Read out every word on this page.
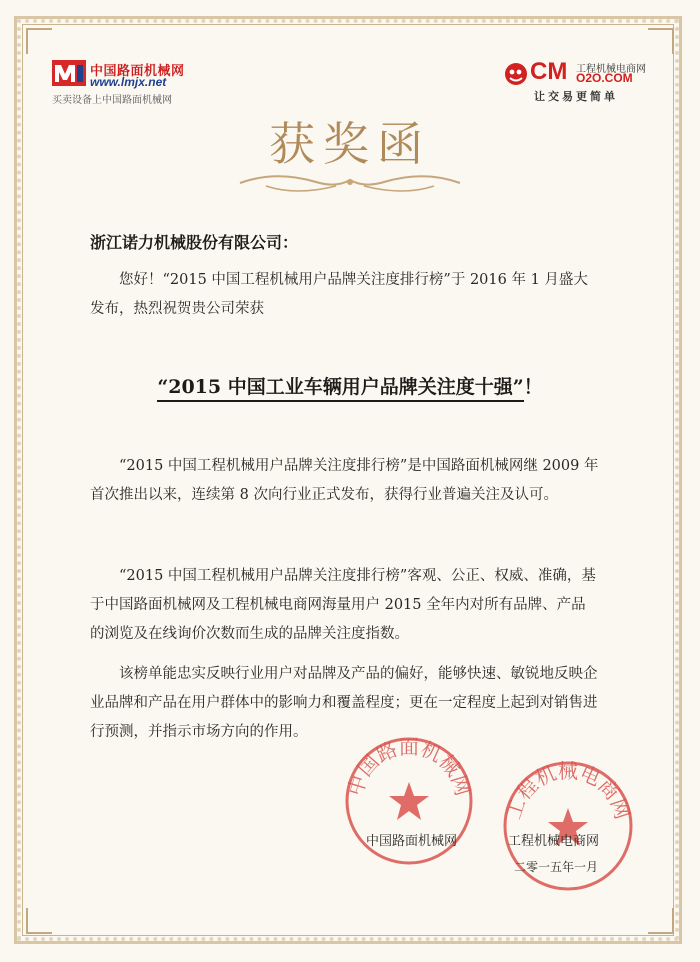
中国路面机械网
www.lmjx.net
买卖设备上中国路面机械网
CM 工程机械电商网
O2O.COM
让交易更简单
获奖函
浙江诺力机械股份有限公司：
您好！“2015 中国工程机械用户品牌关注度排行榜”于 2016 年 1 月盛大发布，热烈祝贺贵公司荣获
“2015 中国工业车辆用户品牌关注度十强”！
“2015 中国工程机械用户品牌关注度排行榜”是中国路面机械网继 2009 年首次推出以来，连续第 8 次向行业正式发布，获得行业普遍关注及认可。
“2015 中国工程机械用户品牌关注度排行榜”客观、公正、权威、准确，基于中国路面机械网及工程机械电商网海量用户 2015 全年内对所有品牌、产品的浏览及在线询价次数而生成的品牌关注度指数。
该榜单能忠实反映行业用户对品牌及产品的偏好，能够快速、敏锐地反映企业品牌和产品在用户群体中的影响力和覆盖程度；更在一定程度上起到对销售进行预测，并指示市场方向的作用。
中国路面机械网
工程机械电商网
中国路面机械网	工程机械电商网
二零一五年一月
